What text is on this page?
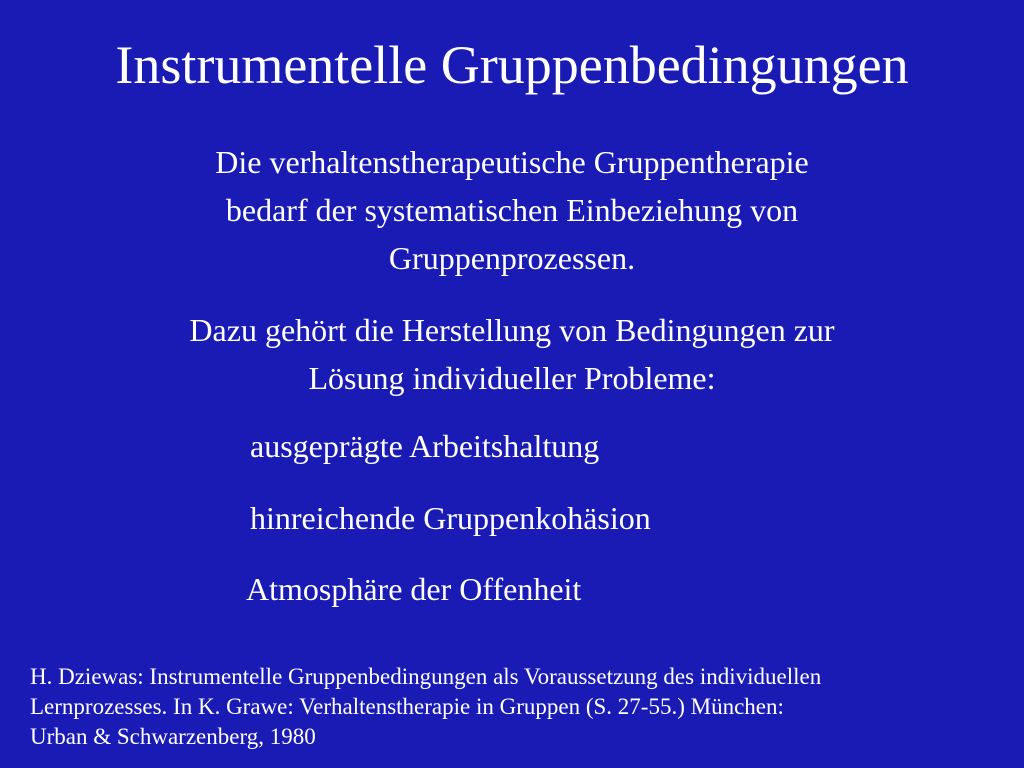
Instrumentelle Gruppenbedingungen

Die verhaltenstherapeutische Gruppentherapie
bedarf der systematischen Einbeziehung von
Gruppenprozessen.

Dazu gehört die Herstellung von Bedingungen zur
Lösung individueller Probleme:

ausgeprägte Arbeitshaltung
hinreichende Gruppenkohäsion
Atmosphäre der Offenheit

H. Dziewas: Instrumentelle Gruppenbedingungen als Voraussetzung des individuellen
Lernprozesses. In K. Grawe: Verhaltenstherapie in Gruppen (S. 27-55.) München:
Urban & Schwarzenberg, 1980
